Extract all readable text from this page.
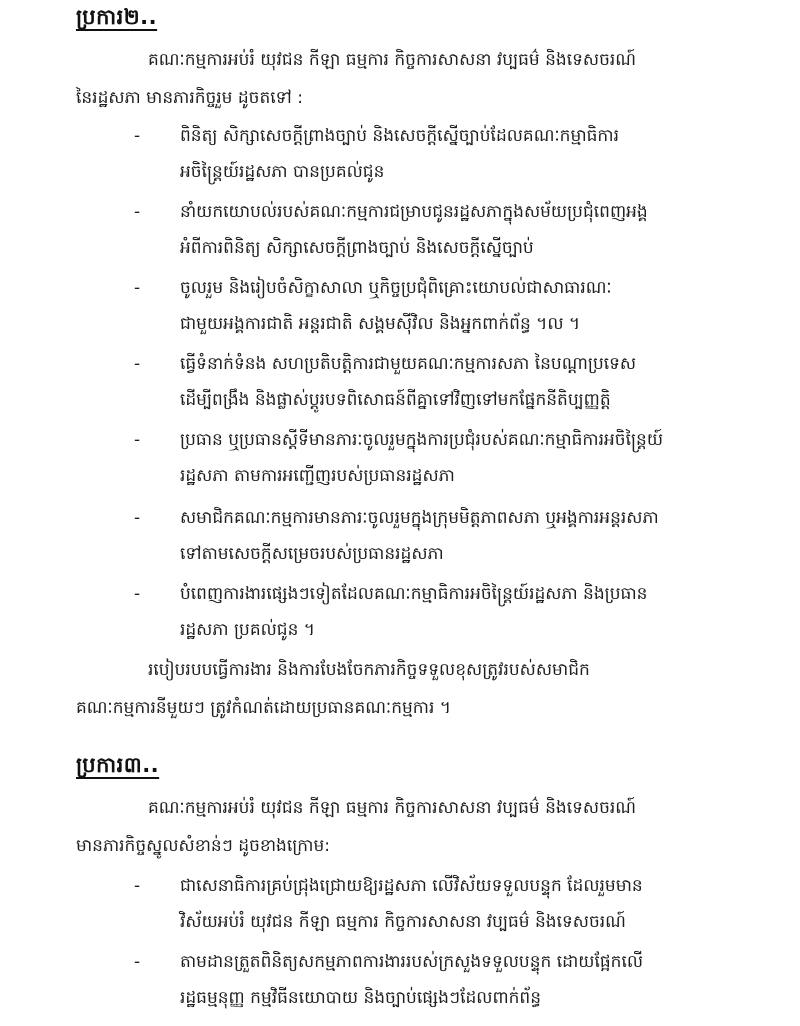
ប្រការ២..
គណៈកម្មការអប់រំ យុវជន កីឡា ធម្មការ កិច្ចការសាសនា វប្បធម៌ និងទេសចរណ៍
នៃរដ្ឋសភា មានភារកិច្ចរួម ដូចតទៅ :
- ពិនិត្យ សិក្សាសេចក្ដីព្រាងច្បាប់ និងសេចក្ដីស្នើច្បាប់ដែលគណៈកម្មាធិការ
អចិន្ត្រៃយ៍រដ្ឋសភា បានប្រគល់ជូន
- នាំយកយោបល់របស់គណៈកម្មការជម្រាបជូនរដ្ឋសភាក្នុងសម័យប្រជុំពេញអង្គ
អំពីការពិនិត្យ សិក្សាសេចក្ដីព្រាងច្បាប់ និងសេចក្ដីស្នើច្បាប់
- ចូលរួម និងរៀបចំសិក្ខាសាលា ឬកិច្ចប្រជុំពិគ្រោះយោបល់ជាសាធារណៈ
ជាមួយអង្គការជាតិ អន្តរជាតិ សង្គមស៊ីវិល និងអ្នកពាក់ព័ន្ធ ។ល ។
- ធ្វើទំនាក់ទំនង សហប្រតិបត្តិការជាមួយគណៈកម្មការសភា នៃបណ្ដាប្រទេស
ដើម្បីពង្រឹង និងផ្លាស់ប្ដូរបទពិសោធន៍ពីគ្នាទៅវិញទៅមកផ្នែកនីតិប្បញ្ញត្តិ
- ប្រធាន ឬប្រធានស្ដីទីមានភារៈចូលរួមក្នុងការប្រជុំរបស់គណៈកម្មាធិការអចិន្ត្រៃយ៍
រដ្ឋសភា តាមការអញ្ជើញរបស់ប្រធានរដ្ឋសភា
- សមាជិកគណៈកម្មការមានភារៈចូលរួមក្នុងក្រុមមិត្តភាពសភា ឬអង្គការអន្តរសភា
ទៅតាមសេចក្ដីសម្រេចរបស់ប្រធានរដ្ឋសភា
- បំពេញការងារផ្សេងៗទៀតដែលគណៈកម្មាធិការអចិន្ត្រៃយ៍រដ្ឋសភា និងប្រធាន
រដ្ឋសភា ប្រគល់ជូន ។
របៀបរបបធ្វើការងារ និងការបែងចែកភារកិច្ចទទួលខុសត្រូវរបស់សមាជិក
គណៈកម្មការនីមួយៗ ត្រូវកំណត់ដោយប្រធានគណៈកម្មការ ។
ប្រការ៣..
គណៈកម្មការអប់រំ យុវជន កីឡា ធម្មការ កិច្ចការសាសនា វប្បធម៌ និងទេសចរណ៍
មានភារកិច្ចស្នូលសំខាន់ៗ ដូចខាងក្រោម:
- ជាសេនាធិការគ្រប់ជ្រុងជ្រោយឱ្យរដ្ឋសភា លើវិស័យទទួលបន្ទុក ដែលរួមមាន
វិស័យអប់រំ យុវជន កីឡា ធម្មការ កិច្ចការសាសនា វប្បធម៌ និងទេសចរណ៍
- តាមដានត្រួតពិនិត្យសកម្មភាពការងាររបស់ក្រសួងទទួលបន្ទុក ដោយផ្អែកលើ
រដ្ឋធម្មនុញ្ញ កម្មវិធីនយោបាយ និងច្បាប់ផ្សេងៗដែលពាក់ព័ន្ធ
